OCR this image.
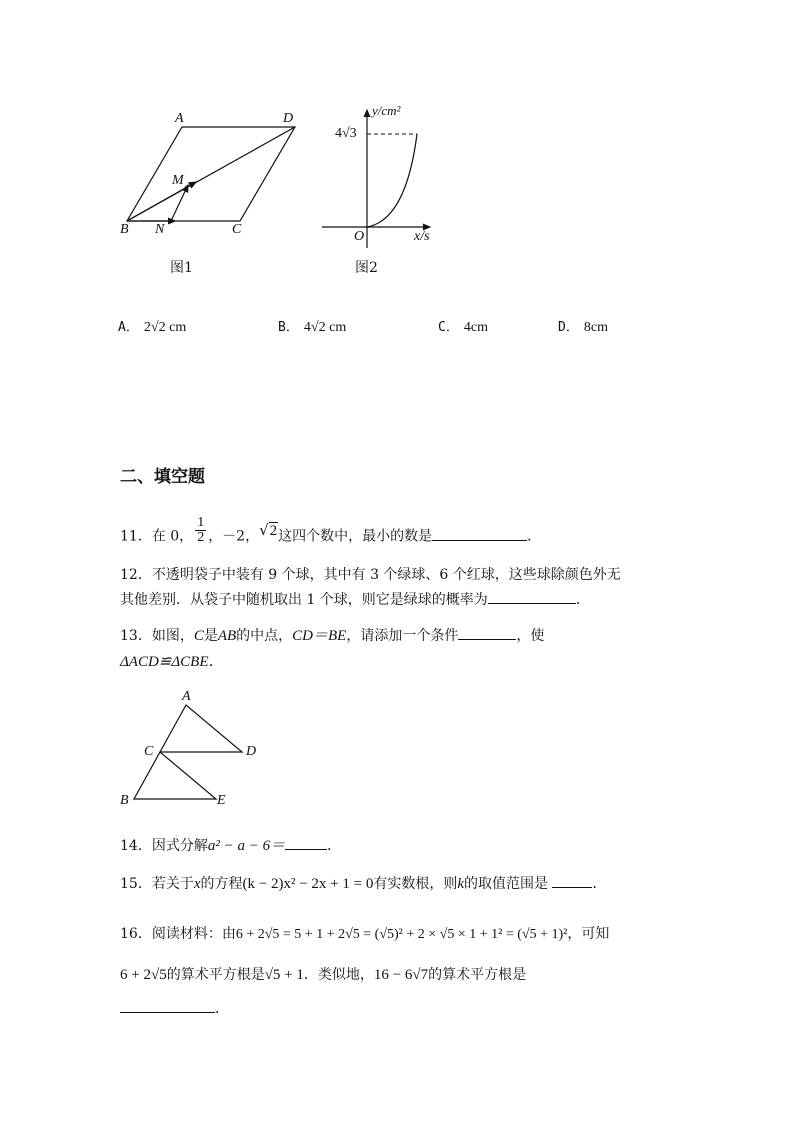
A	D
M
B N	C
图1
y/cm²
4√3
O	x/s
图2
A． 2√2 cm	B． 4√2 cm	C． 4cm	D． 8cm
二、填空题
11．在 0， $\frac{1}{2}$ ，－2，√2这四个数中，最小的数是	．
12．不透明袋子中装有 9 个球，其中有 3 个绿球、6 个红球，这些球除颜色外无
其他差别．从袋子中随机取出 1 个球，则它是绿球的概率为	．
13．如图，C是AB的中点，CD＝BE，请添加一个条件	，使
ΔACD≌ΔCBE．
A
C	D
B	E
14．因式分解a² − a − 6＝	．
15．若关于x的方程(k − 2)x² − 2x + 1 = 0有实数根，则k的取值范围是	．
16．阅读材料：由6 + 2√5 = 5 + 1 + 2√5 = (√5)² + 2 × √5 × 1 + 1² = (√5 + 1)²，可知
6 + 2√5的算术平方根是√5 + 1．类似地，16 − 6√7的算术平方根是
．
